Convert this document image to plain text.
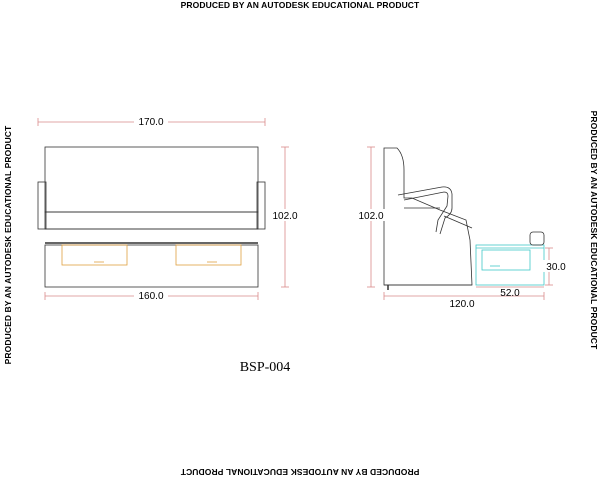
PRODUCED BY AN AUTODESK EDUCATIONAL PRODUCT
PRODUCED BY AN AUTODESK EDUCATIONAL PRODUCT
PRODUCED BY AN AUTODESK EDUCATIONAL PRODUCT	PRODUCED BY AN AUTODESK EDUCATIONAL PRODUCT
170.0
160.0
102.0	102.0
120.0
52.0
30.0
BSP-004
